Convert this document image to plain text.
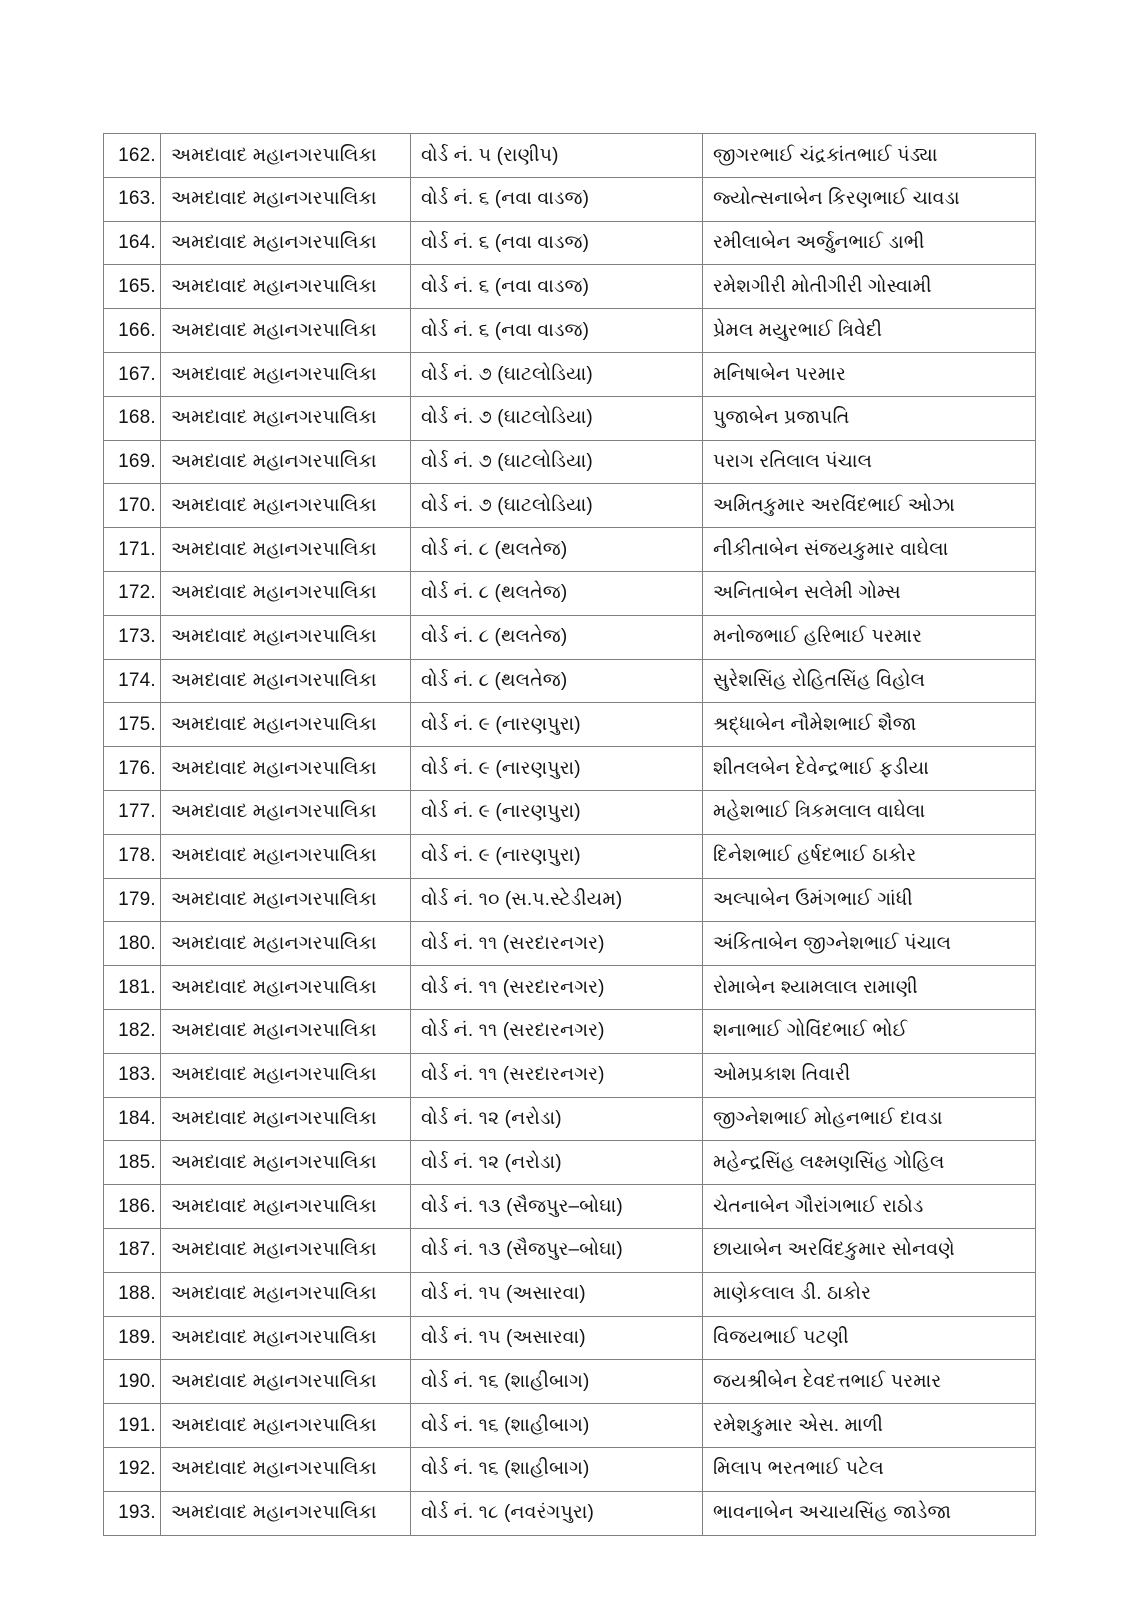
162.	અમદાવાદ મહાનગરપાલિકા	વોર્ડ નં. ૫ (રાણીપ)	જીગરભાઈ ચંદ્રકાંતભાઈ પંડ્યા
163.	અમદાવાદ મહાનગરપાલિકા	વોર્ડ નં. ૬ (નવા વાડજ)	જ્યોત્સનાબેન કિરણભાઈ ચાવડા
164.	અમદાવાદ મહાનગરપાલિકા	વોર્ડ નં. ૬ (નવા વાડજ)	રમીલાબેન અર્જુનભાઈ ડાભી
165.	અમદાવાદ મહાનગરપાલિકા	વોર્ડ નં. ૬ (નવા વાડજ)	રમેશગીરી મોતીગીરી ગોસ્વામી
166.	અમદાવાદ મહાનગરપાલિકા	વોર્ડ નં. ૬ (નવા વાડજ)	પ્રેમલ મયુરભાઈ ત્રિવેદી
167.	અમદાવાદ મહાનગરપાલિકા	વોર્ડ નં. ૭ (ઘાટલોડિયા)	મનિષાબેન પરમાર
168.	અમદાવાદ મહાનગરપાલિકા	વોર્ડ નં. ૭ (ઘાટલોડિયા)	પુજાબેન પ્રજાપતિ
169.	અમદાવાદ મહાનગરપાલિકા	વોર્ડ નં. ૭ (ઘાટલોડિયા)	પરાગ રતિલાલ પંચાલ
170.	અમદાવાદ મહાનગરપાલિકા	વોર્ડ નં. ૭ (ઘાટલોડિયા)	અમિતકુમાર અરવિંદભાઈ ઓઝા
171.	અમદાવાદ મહાનગરપાલિકા	વોર્ડ નં. ૮ (થલતેજ)	નીકીતાબેન સંજયકુમાર વાઘેલા
172.	અમદાવાદ મહાનગરપાલિકા	વોર્ડ નં. ૮ (થલતેજ)	અનિતાબેન સલેમી ગોમ્સ
173.	અમદાવાદ મહાનગરપાલિકા	વોર્ડ નં. ૮ (થલતેજ)	મનોજભાઈ હરિભાઈ પરમાર
174.	અમદાવાદ મહાનગરપાલિકા	વોર્ડ નં. ૮ (થલતેજ)	સુરેશસિંહ રોહિતસિંહ વિહોલ
175.	અમદાવાદ મહાનગરપાલિકા	વોર્ડ નં. ૯ (નારણપુરા)	શ્રદ્ધાબેન નૌમેશભાઈ શૈજા
176.	અમદાવાદ મહાનગરપાલિકા	વોર્ડ નં. ૯ (નારણપુરા)	શીતલબેન દેવેન્દ્રભાઈ ફડીયા
177.	અમદાવાદ મહાનગરપાલિકા	વોર્ડ નં. ૯ (નારણપુરા)	મહેશભાઈ ત્રિકમલાલ વાઘેલા
178.	અમદાવાદ મહાનગરપાલિકા	વોર્ડ નં. ૯ (નારણપુરા)	દિનેશભાઈ હર્ષદભાઈ ઠાકોર
179.	અમદાવાદ મહાનગરપાલિકા	વોર્ડ નં. ૧૦ (સ.પ.સ્ટેડીયમ)	અલ્પાબેન ઉમંગભાઈ ગાંધી
180.	અમદાવાદ મહાનગરપાલિકા	વોર્ડ નં. ૧૧ (સરદારનગર)	અંકિતાબેન જીગ્નેશભાઈ પંચાલ
181.	અમદાવાદ મહાનગરપાલિકા	વોર્ડ નં. ૧૧ (સરદારનગર)	રોમાબેન શ્યામલાલ રામાણી
182.	અમદાવાદ મહાનગરપાલિકા	વોર્ડ નં. ૧૧ (સરદારનગર)	શનાભાઈ ગોવિંદભાઈ ભોઈ
183.	અમદાવાદ મહાનગરપાલિકા	વોર્ડ નં. ૧૧ (સરદારનગર)	ઓમપ્રકાશ તિવારી
184.	અમદાવાદ મહાનગરપાલિકા	વોર્ડ નં. ૧૨ (નરોડા)	જીગ્નેશભાઈ મોહનભાઈ દાવડા
185.	અમદાવાદ મહાનગરપાલિકા	વોર્ડ નં. ૧૨ (નરોડા)	મહેન્દ્રસિંહ લક્ષ્મણસિંહ ગોહિલ
186.	અમદાવાદ મહાનગરપાલિકા	વોર્ડ નં. ૧૩ (સૈજપુર–બોઘા)	ચેતનાબેન ગૌરાંગભાઈ રાઠોડ
187.	અમદાવાદ મહાનગરપાલિકા	વોર્ડ નં. ૧૩ (સૈજપુર–બોઘા)	છાયાબેન અરવિંદકુમાર સોનવણે
188.	અમદાવાદ મહાનગરપાલિકા	વોર્ડ નં. ૧૫ (અસારવા)	માણેકલાલ ડી. ઠાકોર
189.	અમદાવાદ મહાનગરપાલિકા	વોર્ડ નં. ૧૫ (અસારવા)	વિજયભાઈ પટણી
190.	અમદાવાદ મહાનગરપાલિકા	વોર્ડ નં. ૧૬ (શાહીબાગ)	જયશ્રીબેન દેવદત્તભાઈ પરમાર
191.	અમદાવાદ મહાનગરપાલિકા	વોર્ડ નં. ૧૬ (શાહીબાગ)	રમેશકુમાર એસ. માળી
192.	અમદાવાદ મહાનગરપાલિકા	વોર્ડ નં. ૧૬ (શાહીબાગ)	મિલાપ ભરતભાઈ પટેલ
193.	અમદાવાદ મહાનગરપાલિકા	વોર્ડ નં. ૧૮ (નવરંગપુરા)	ભાવનાબેન અચાયસિંહ જાડેજા
